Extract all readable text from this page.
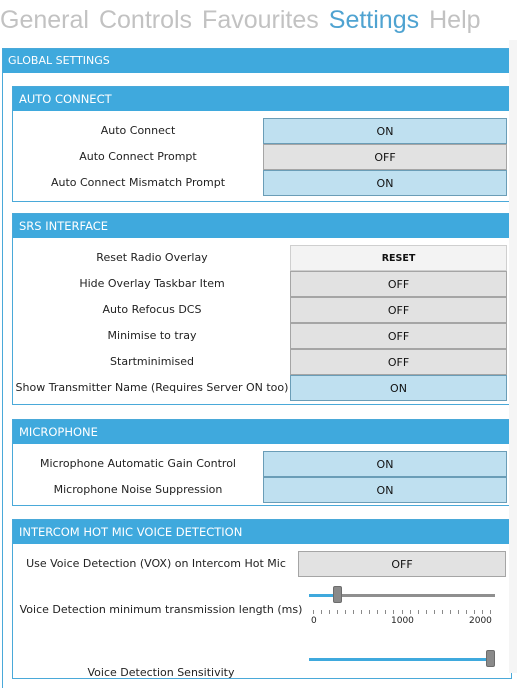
General Controls Favourites Settings Help
GLOBAL SETTINGS
AUTO CONNECT
Auto Connect	ON
Auto Connect Prompt	OFF
Auto Connect Mismatch Prompt	ON
SRS INTERFACE
Reset Radio Overlay	RESET
Hide Overlay Taskbar Item	OFF
Auto Refocus DCS	OFF
Minimise to tray	OFF
Startminimised	OFF
Show Transmitter Name (Requires Server ON too)	ON
MICROPHONE
Microphone Automatic Gain Control	ON
Microphone Noise Suppression	ON
INTERCOM HOT MIC VOICE DETECTION
Use Voice Detection (VOX) on Intercom Hot Mic	OFF
Voice Detection minimum transmission length (ms)
0	1000	2000
Voice Detection Sensitivity
